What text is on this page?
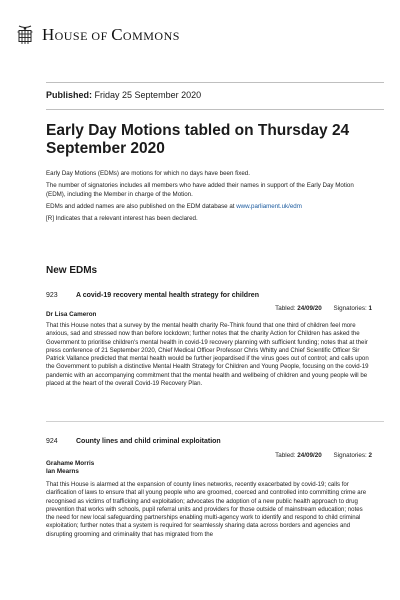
HOUSE OF COMMONS
Published: Friday 25 September 2020
Early Day Motions tabled on Thursday 24 September 2020

Early Day Motions (EDMs) are motions for which no days have been fixed.

The number of signatories includes all members who have added their names in support of the Early Day Motion (EDM), including the Member in charge of the Motion.

EDMs and added names are also published on the EDM database at www.parliament.uk/edm

[R] Indicates that a relevant interest has been declared.

New EDMs
923	A covid-19 recovery mental health strategy for children
Tabled: 24/09/20 Signatories: 1
Dr Lisa Cameron
That this House notes that a survey by the mental health charity Re-Think found that one third of children feel more anxious, sad and stressed now than before lockdown; further notes that the charity Action for Children has asked the Government to prioritise children's mental health in covid-19 recovery planning with sufficient funding; notes that at their press conference of 21 September 2020, Chief Medical Officer Professor Chris Whitty and Chief Scientific Officer Sir Patrick Vallance predicted that mental health would be further jeopardised if the virus goes out of control; and calls upon the Government to publish a distinctive Mental Health Strategy for Children and Young People, focusing on the covid-19 pandemic with an accompanying commitment that the mental health and wellbeing of children and young people will be placed at the heart of the overall Covid-19 Recovery Plan.
924	County lines and child criminal exploitation
Tabled: 24/09/20 Signatories: 2
Grahame Morris
Ian Mearns
That this House is alarmed at the expansion of county lines networks, recently exacerbated by covid-19; calls for clarification of laws to ensure that all young people who are groomed, coerced and controlled into committing crime are recognised as victims of trafficking and exploitation; advocates the adoption of a new public health approach to drug prevention that works with schools, pupil referral units and providers for those outside of mainstream education; notes the need for new local safeguarding partnerships enabling multi-agency work to identify and respond to child criminal exploitation; further notes that a system is required for seamlessly sharing data across borders and agencies and disrupting grooming and criminality that has migrated from the
